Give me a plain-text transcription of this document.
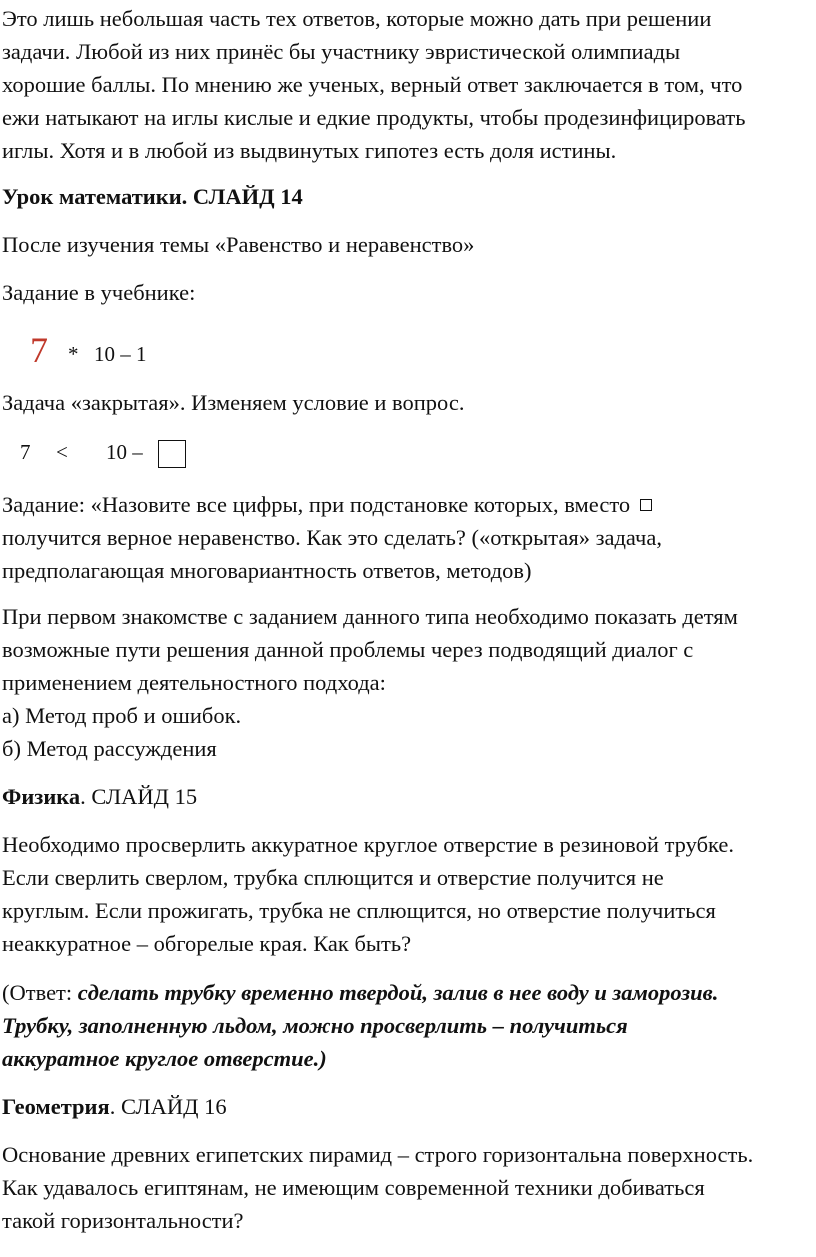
Это лишь небольшая часть тех ответов, которые можно дать при решении
задачи. Любой из них принёс бы участнику эвристической олимпиады
хорошие баллы. По мнению же ученых, верный ответ заключается в том, что
ежи натыкают на иглы кислые и едкие продукты, чтобы продезинфицировать
иглы. Хотя и в любой из выдвинутых гипотез есть доля истины.

Урок математики. СЛАЙД 14

После изучения темы «Равенство и неравенство»

Задание в учебнике:

7 * 10 – 1

Задача «закрытая». Изменяем условие и вопрос.

7 < 10 –

Задание: «Назовите все цифры, при подстановке которых, вместо
получится верное неравенство. Как это сделать? («открытая» задача,
предполагающая многовариантность ответов, методов)

При первом знакомстве с заданием данного типа необходимо показать детям
возможные пути решения данной проблемы через подводящий диалог с
применением деятельностного подхода:
а) Метод проб и ошибок.
б) Метод рассуждения

Физика. СЛАЙД 15

Необходимо просверлить аккуратное круглое отверстие в резиновой трубке.
Если сверлить сверлом, трубка сплющится и отверстие получится не
круглым. Если прожигать, трубка не сплющится, но отверстие получиться
неаккуратное – обгорелые края. Как быть?

(Ответ: сделать трубку временно твердой, залив в нее воду и заморозив.
Трубку, заполненную льдом, можно просверлить – получиться
аккуратное круглое отверстие.)

Геометрия. СЛАЙД 16

Основание древних египетских пирамид – строго горизонтальна поверхность.
Как удавалось египтянам, не имеющим современной техники добиваться
такой горизонтальности?
